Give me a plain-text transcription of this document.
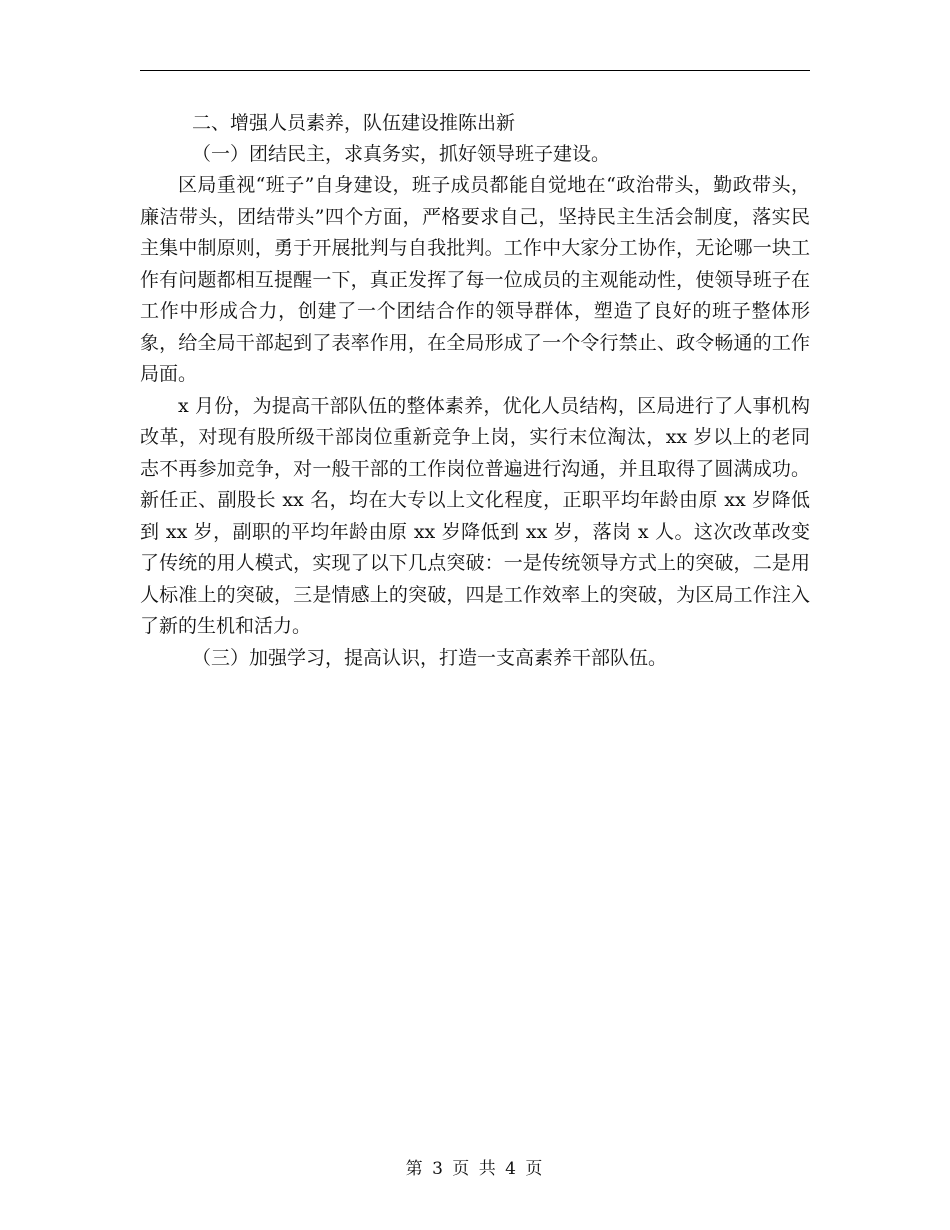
二、增强人员素养，队伍建设推陈出新

（一）团结民主，求真务实，抓好领导班子建设。

区局重视“班子”自身建设，班子成员都能自觉地在“政治带头，勤政带头，廉洁带头，团结带头”四个方面，严格要求自己，坚持民主生活会制度，落实民主集中制原则，勇于开展批判与自我批判。工作中大家分工协作，无论哪一块工作有问题都相互提醒一下，真正发挥了每一位成员的主观能动性，使领导班子在工作中形成合力，创建了一个团结合作的领导群体，塑造了良好的班子整体形象，给全局干部起到了表率作用，在全局形成了一个令行禁止、政令畅通的工作局面。

x 月份，为提高干部队伍的整体素养，优化人员结构，区局进行了人事机构改革，对现有股所级干部岗位重新竞争上岗，实行末位淘汰，xx 岁以上的老同志不再参加竞争，对一般干部的工作岗位普遍进行沟通，并且取得了圆满成功。新任正、副股长 xx 名，均在大专以上文化程度，正职平均年龄由原 xx 岁降低到 xx 岁，副职的平均年龄由原 xx 岁降低到 xx 岁，落岗 x 人。这次改革改变了传统的用人模式，实现了以下几点突破：一是传统领导方式上的突破，二是用人标准上的突破，三是情感上的突破，四是工作效率上的突破，为区局工作注入了新的生机和活力。

（三）加强学习，提高认识，打造一支高素养干部队伍。

第 3 页 共 4 页
